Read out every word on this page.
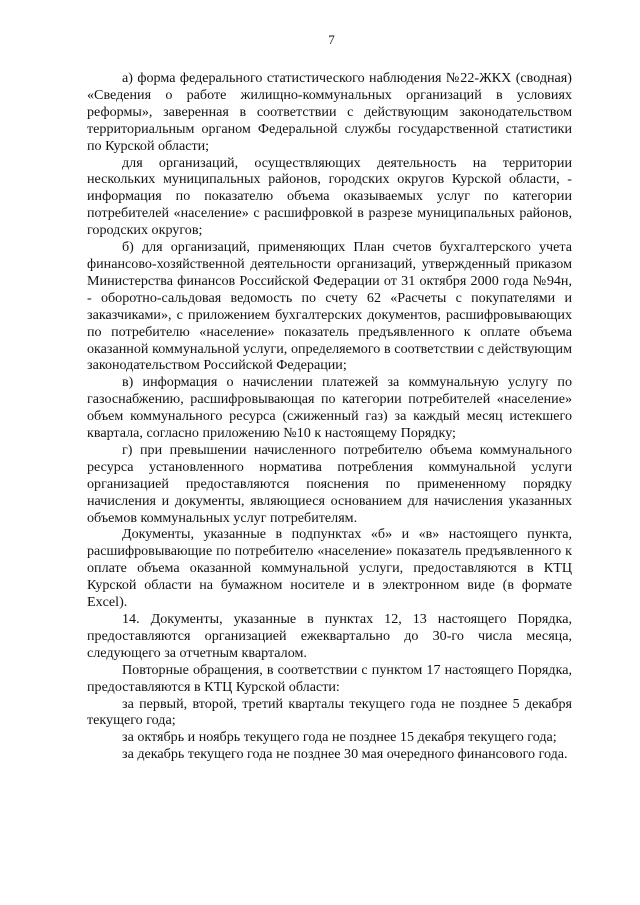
7

а) форма федерального статистического наблюдения №22-ЖКХ (сводная) «Сведения о работе жилищно-коммунальных организаций в условиях реформы», заверенная в соответствии с действующим законодательством территориальным органом Федеральной службы государственной статистики по Курской области;

для организаций, осуществляющих деятельность на территории нескольких муниципальных районов, городских округов Курской области, - информация по показателю объема оказываемых услуг по категории потребителей «население» с расшифровкой в разрезе муниципальных районов, городских округов;

б) для организаций, применяющих План счетов бухгалтерского учета финансово-хозяйственной деятельности организаций, утвержденный приказом Министерства финансов Российской Федерации от 31 октября 2000 года №94н, - оборотно-сальдовая ведомость по счету 62 «Расчеты с покупателями и заказчиками», с приложением бухгалтерских документов, расшифровывающих по потребителю «население» показатель предъявленного к оплате объема оказанной коммунальной услуги, определяемого в соответствии с действующим законодательством Российской Федерации;

в) информация о начислении платежей за коммунальную услугу по газоснабжению, расшифровывающая по категории потребителей «население» объем коммунального ресурса (сжиженный газ) за каждый месяц истекшего квартала, согласно приложению №10 к настоящему Порядку;

г) при превышении начисленного потребителю объема коммунального ресурса установленного норматива потребления коммунальной услуги организацией предоставляются пояснения по примененному порядку начисления и документы, являющиеся основанием для начисления указанных объемов коммунальных услуг потребителям.

Документы, указанные в подпунктах «б» и «в» настоящего пункта, расшифровывающие по потребителю «население» показатель предъявленного к оплате объема оказанной коммунальной услуги, предоставляются в КТЦ Курской области на бумажном носителе и в электронном виде (в формате Excel).

14. Документы, указанные в пунктах 12, 13 настоящего Порядка, предоставляются организацией ежеквартально до 30-го числа месяца, следующего за отчетным кварталом.

Повторные обращения, в соответствии с пунктом 17 настоящего Порядка, предоставляются в КТЦ Курской области:

за первый, второй, третий кварталы текущего года не позднее 5 декабря текущего года;

за октябрь и ноябрь текущего года не позднее 15 декабря текущего года;

за декабрь текущего года не позднее 30 мая очередного финансового года.
